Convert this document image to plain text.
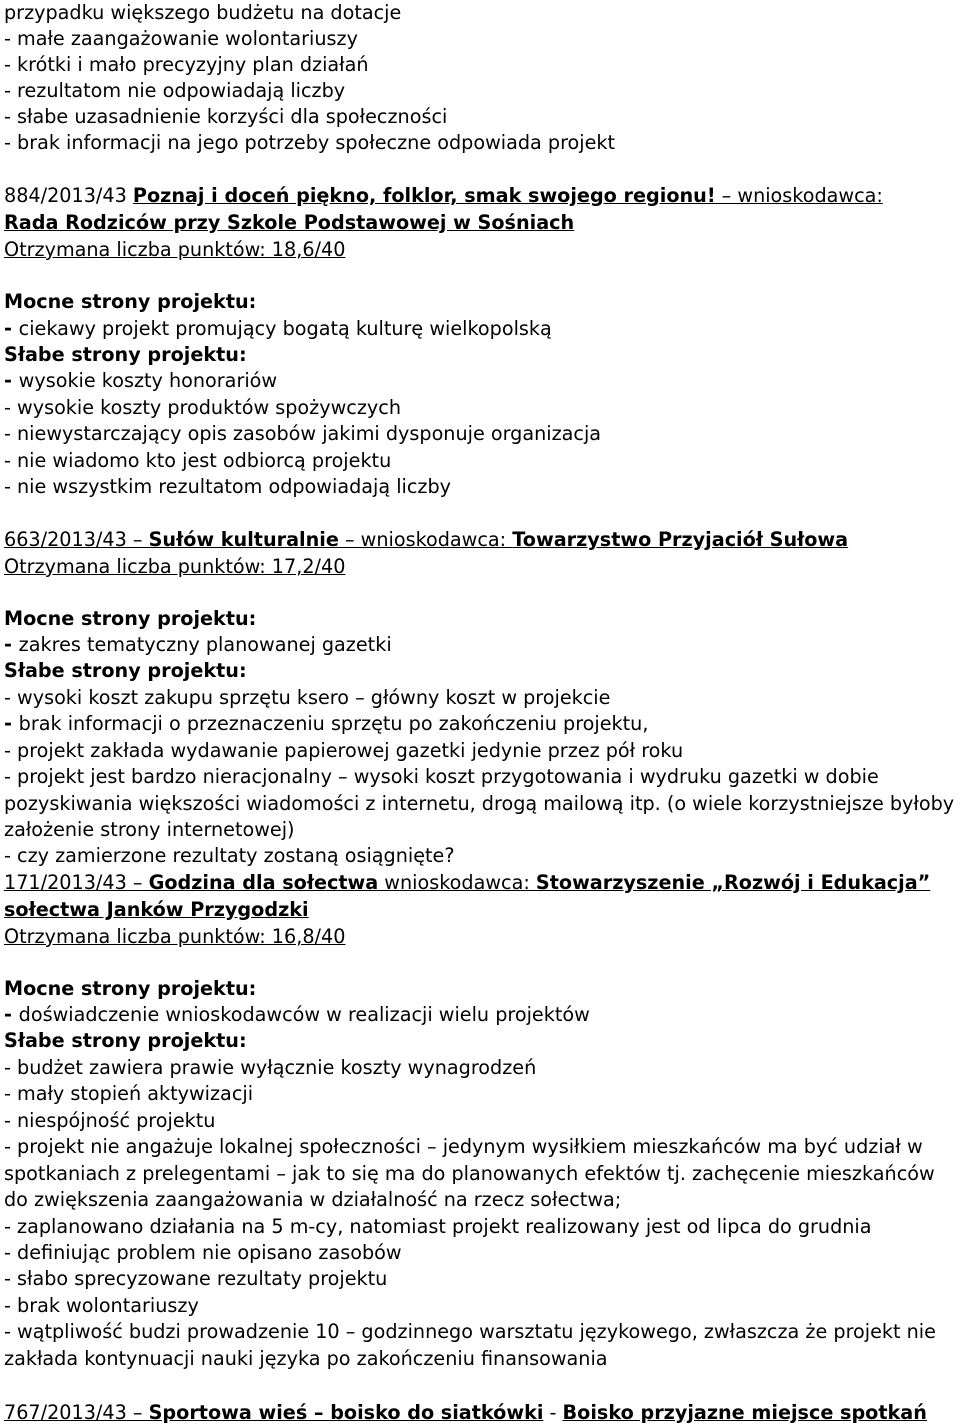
przypadku większego budżetu na dotacje
- małe zaangażowanie wolontariuszy
- krótki i mało precyzyjny plan działań
- rezultatom nie odpowiadają liczby
- słabe uzasadnienie korzyści dla społeczności
- brak informacji na jego potrzeby społeczne odpowiada projekt
884/2013/43 Poznaj i doceń piękno, folklor, smak swojego regionu! – wnioskodawca:
Rada Rodziców przy Szkole Podstawowej w Sośniach
Otrzymana liczba punktów: 18,6/40
Mocne strony projektu:
- ciekawy projekt promujący bogatą kulturę wielkopolską
Słabe strony projektu:
- wysokie koszty honorariów
- wysokie koszty produktów spożywczych
- niewystarczający opis zasobów jakimi dysponuje organizacja
- nie wiadomo kto jest odbiorcą projektu
- nie wszystkim rezultatom odpowiadają liczby
663/2013/43 – Sułów kulturalnie – wnioskodawca: Towarzystwo Przyjaciół Sułowa
Otrzymana liczba punktów: 17,2/40
Mocne strony projektu:
- zakres tematyczny planowanej gazetki
Słabe strony projektu:
- wysoki koszt zakupu sprzętu ksero – główny koszt w projekcie
- brak informacji o przeznaczeniu sprzętu po zakończeniu projektu,
- projekt zakłada wydawanie papierowej gazetki jedynie przez pół roku
- projekt jest bardzo nieracjonalny – wysoki koszt przygotowania i wydruku gazetki w dobie
pozyskiwania większości wiadomości z internetu, drogą mailową itp. (o wiele korzystniejsze byłoby
założenie strony internetowej)
- czy zamierzone rezultaty zostaną osiągnięte?
171/2013/43 – Godzina dla sołectwa wnioskodawca: Stowarzyszenie „Rozwój i Edukacja”
sołectwa Janków Przygodzki
Otrzymana liczba punktów: 16,8/40
Mocne strony projektu:
- doświadczenie wnioskodawców w realizacji wielu projektów
Słabe strony projektu:
- budżet zawiera prawie wyłącznie koszty wynagrodzeń
- mały stopień aktywizacji
- niespójność projektu
- projekt nie angażuje lokalnej społeczności – jedynym wysiłkiem mieszkańców ma być udział w
spotkaniach z prelegentami – jak to się ma do planowanych efektów tj. zachęcenie mieszkańców
do zwiększenia zaangażowania w działalność na rzecz sołectwa;
- zaplanowano działania na 5 m-cy, natomiast projekt realizowany jest od lipca do grudnia
- definiując problem nie opisano zasobów
- słabo sprecyzowane rezultaty projektu
- brak wolontariuszy
- wątpliwość budzi prowadzenie 10 – godzinnego warsztatu językowego, zwłaszcza że projekt nie
zakłada kontynuacji nauki języka po zakończeniu finansowania
767/2013/43 – Sportowa wieś – boisko do siatkówki - Boisko przyjazne miejsce spotkań
